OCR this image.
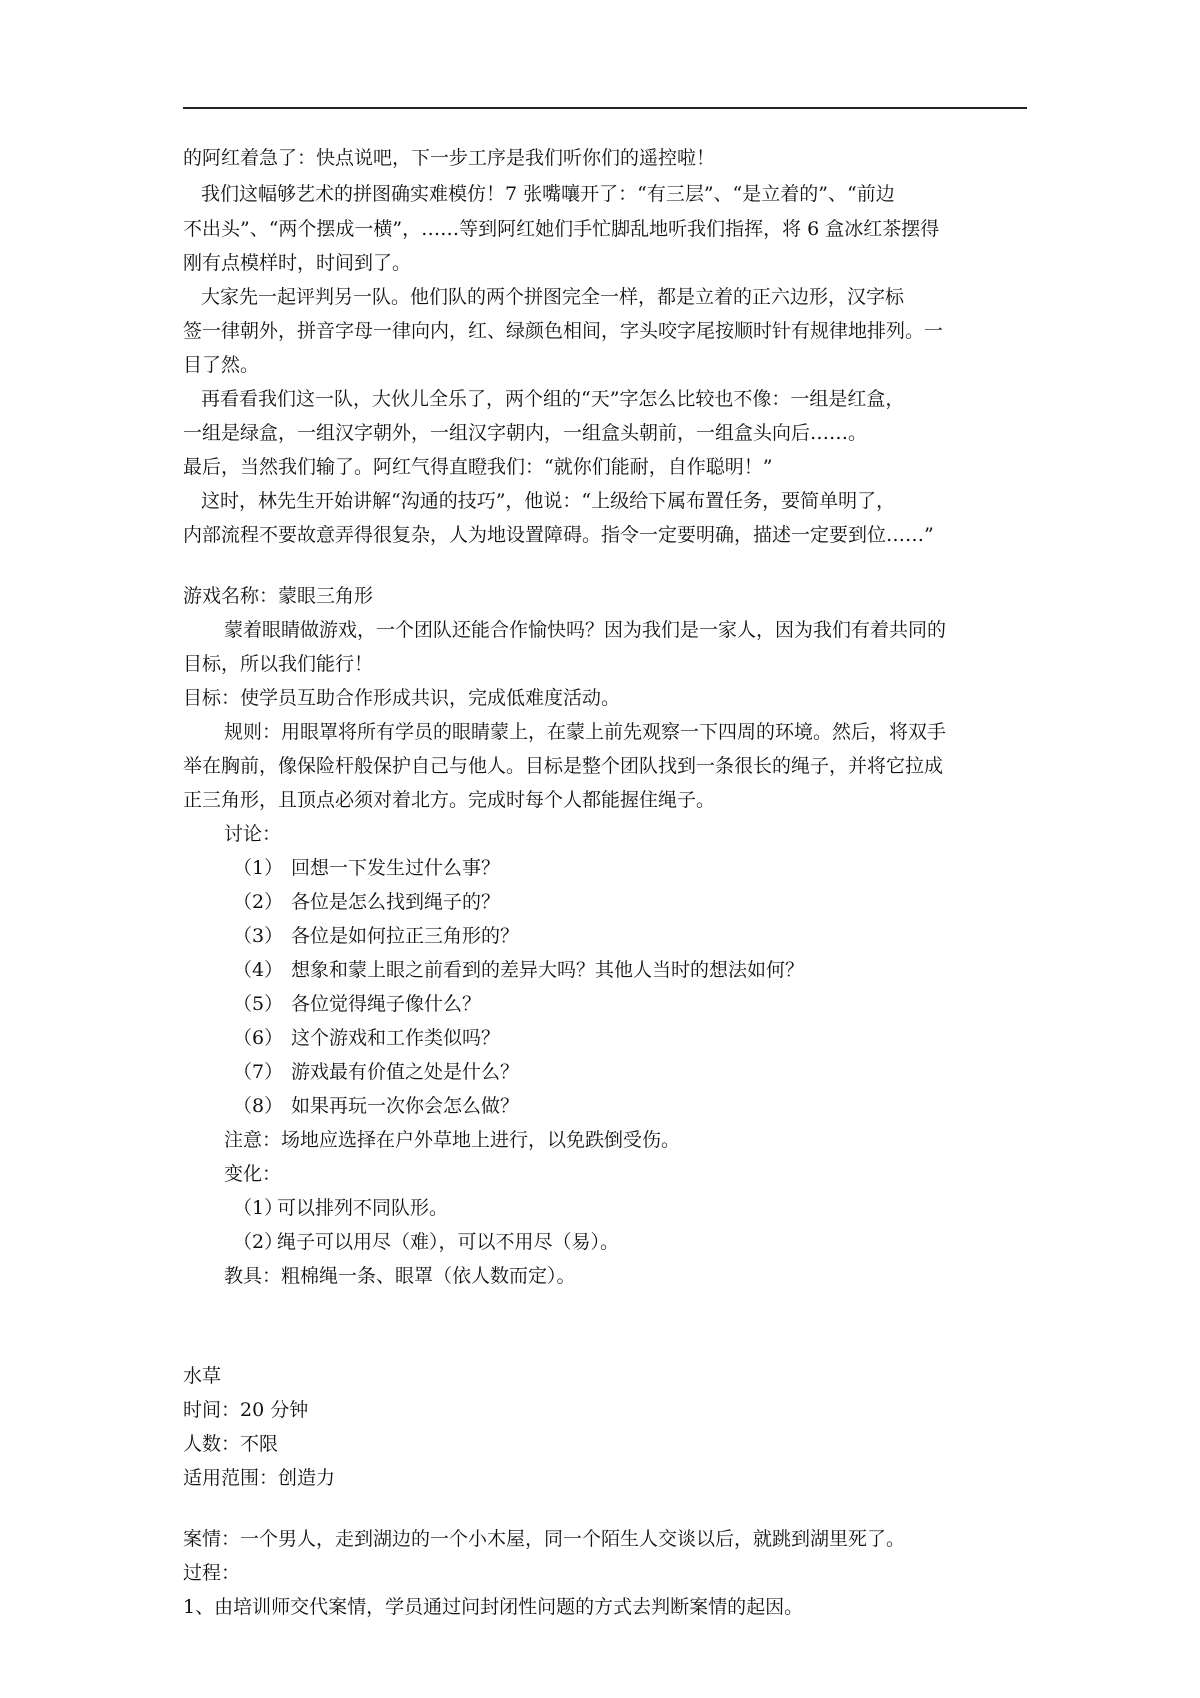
的阿红着急了：快点说吧，下一步工序是我们听你们的遥控啦！
我们这幅够艺术的拼图确实难模仿！7 张嘴嚷开了：“有三层”、“是立着的”、“前边
不出头”、“两个摆成一横”，……等到阿红她们手忙脚乱地听我们指挥，将 6 盒冰红茶摆得
刚有点模样时，时间到了。
大家先一起评判另一队。他们队的两个拼图完全一样，都是立着的正六边形，汉字标
签一律朝外，拼音字母一律向内，红、绿颜色相间，字头咬字尾按顺时针有规律地排列。一
目了然。
再看看我们这一队，大伙儿全乐了，两个组的“天”字怎么比较也不像：一组是红盒，
一组是绿盒，一组汉字朝外，一组汉字朝内，一组盒头朝前，一组盒头向后……。
最后，当然我们输了。阿红气得直瞪我们：“就你们能耐，自作聪明！”
这时，林先生开始讲解“沟通的技巧”，他说：“上级给下属布置任务，要简单明了，
内部流程不要故意弄得很复杂，人为地设置障碍。指令一定要明确，描述一定要到位……”
游戏名称：蒙眼三角形
蒙着眼睛做游戏，一个团队还能合作愉快吗？因为我们是一家人，因为我们有着共同的
目标，所以我们能行！
目标：使学员互助合作形成共识，完成低难度活动。
规则：用眼罩将所有学员的眼睛蒙上，在蒙上前先观察一下四周的环境。然后，将双手
举在胸前，像保险杆般保护自己与他人。目标是整个团队找到一条很长的绳子，并将它拉成
正三角形，且顶点必须对着北方。完成时每个人都能握住绳子。
讨论：
（1） 回想一下发生过什么事？
（2） 各位是怎么找到绳子的？
（3） 各位是如何拉正三角形的？
（4） 想象和蒙上眼之前看到的差异大吗？其他人当时的想法如何？
（5） 各位觉得绳子像什么？
（6） 这个游戏和工作类似吗？
（7） 游戏最有价值之处是什么？
（8） 如果再玩一次你会怎么做？
注意：场地应选择在户外草地上进行，以免跌倒受伤。
变化：
（1）可以排列不同队形。
（2）绳子可以用尽（难），可以不用尽（易）。
教具：粗棉绳一条、眼罩（依人数而定）。
水草
时间：20 分钟
人数：不限
适用范围：创造力
案情：一个男人，走到湖边的一个小木屋，同一个陌生人交谈以后，就跳到湖里死了。
过程：
1、由培训师交代案情，学员通过问封闭性问题的方式去判断案情的起因。
